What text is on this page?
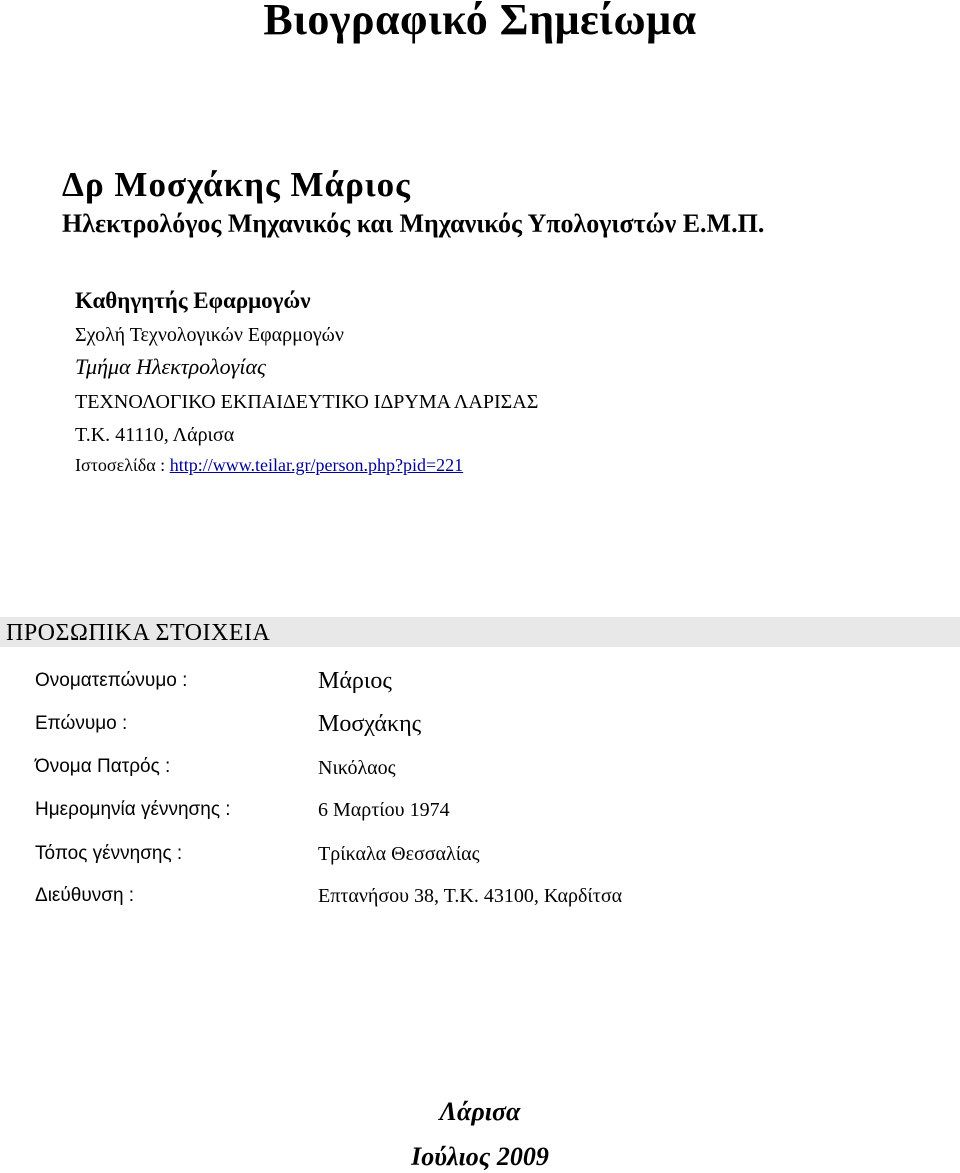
Βιογραφικό Σημείωμα
Δρ Μοσχάκης Μάριος
Ηλεκτρολόγος Μηχανικός και Μηχανικός Υπολογιστών Ε.Μ.Π.
Καθηγητής Εφαρμογών
Σχολή Τεχνολογικών Εφαρμογών
Τμήμα Ηλεκτρολογίας
ΤΕΧΝΟΛΟΓΙΚΟ ΕΚΠΑΙΔΕΥΤΙΚΟ ΙΔΡΥΜΑ ΛΑΡΙΣΑΣ
Τ.Κ. 41110, Λάρισα
Ιστοσελίδα : http://www.teilar.gr/person.php?pid=221
ΠΡΟΣΩΠΙΚΑ ΣΤΟΙΧΕΙΑ
Ονοματεπώνυμο :	Μάριος
Επώνυμο :	Μοσχάκης
Όνομα Πατρός :	Νικόλαος
Ημερομηνία γέννησης :	6 Μαρτίου 1974
Τόπος γέννησης :	Τρίκαλα Θεσσαλίας
Διεύθυνση :	Επτανήσου 38, Τ.Κ. 43100, Καρδίτσα
Λάρισα
Ιούλιος 2009
